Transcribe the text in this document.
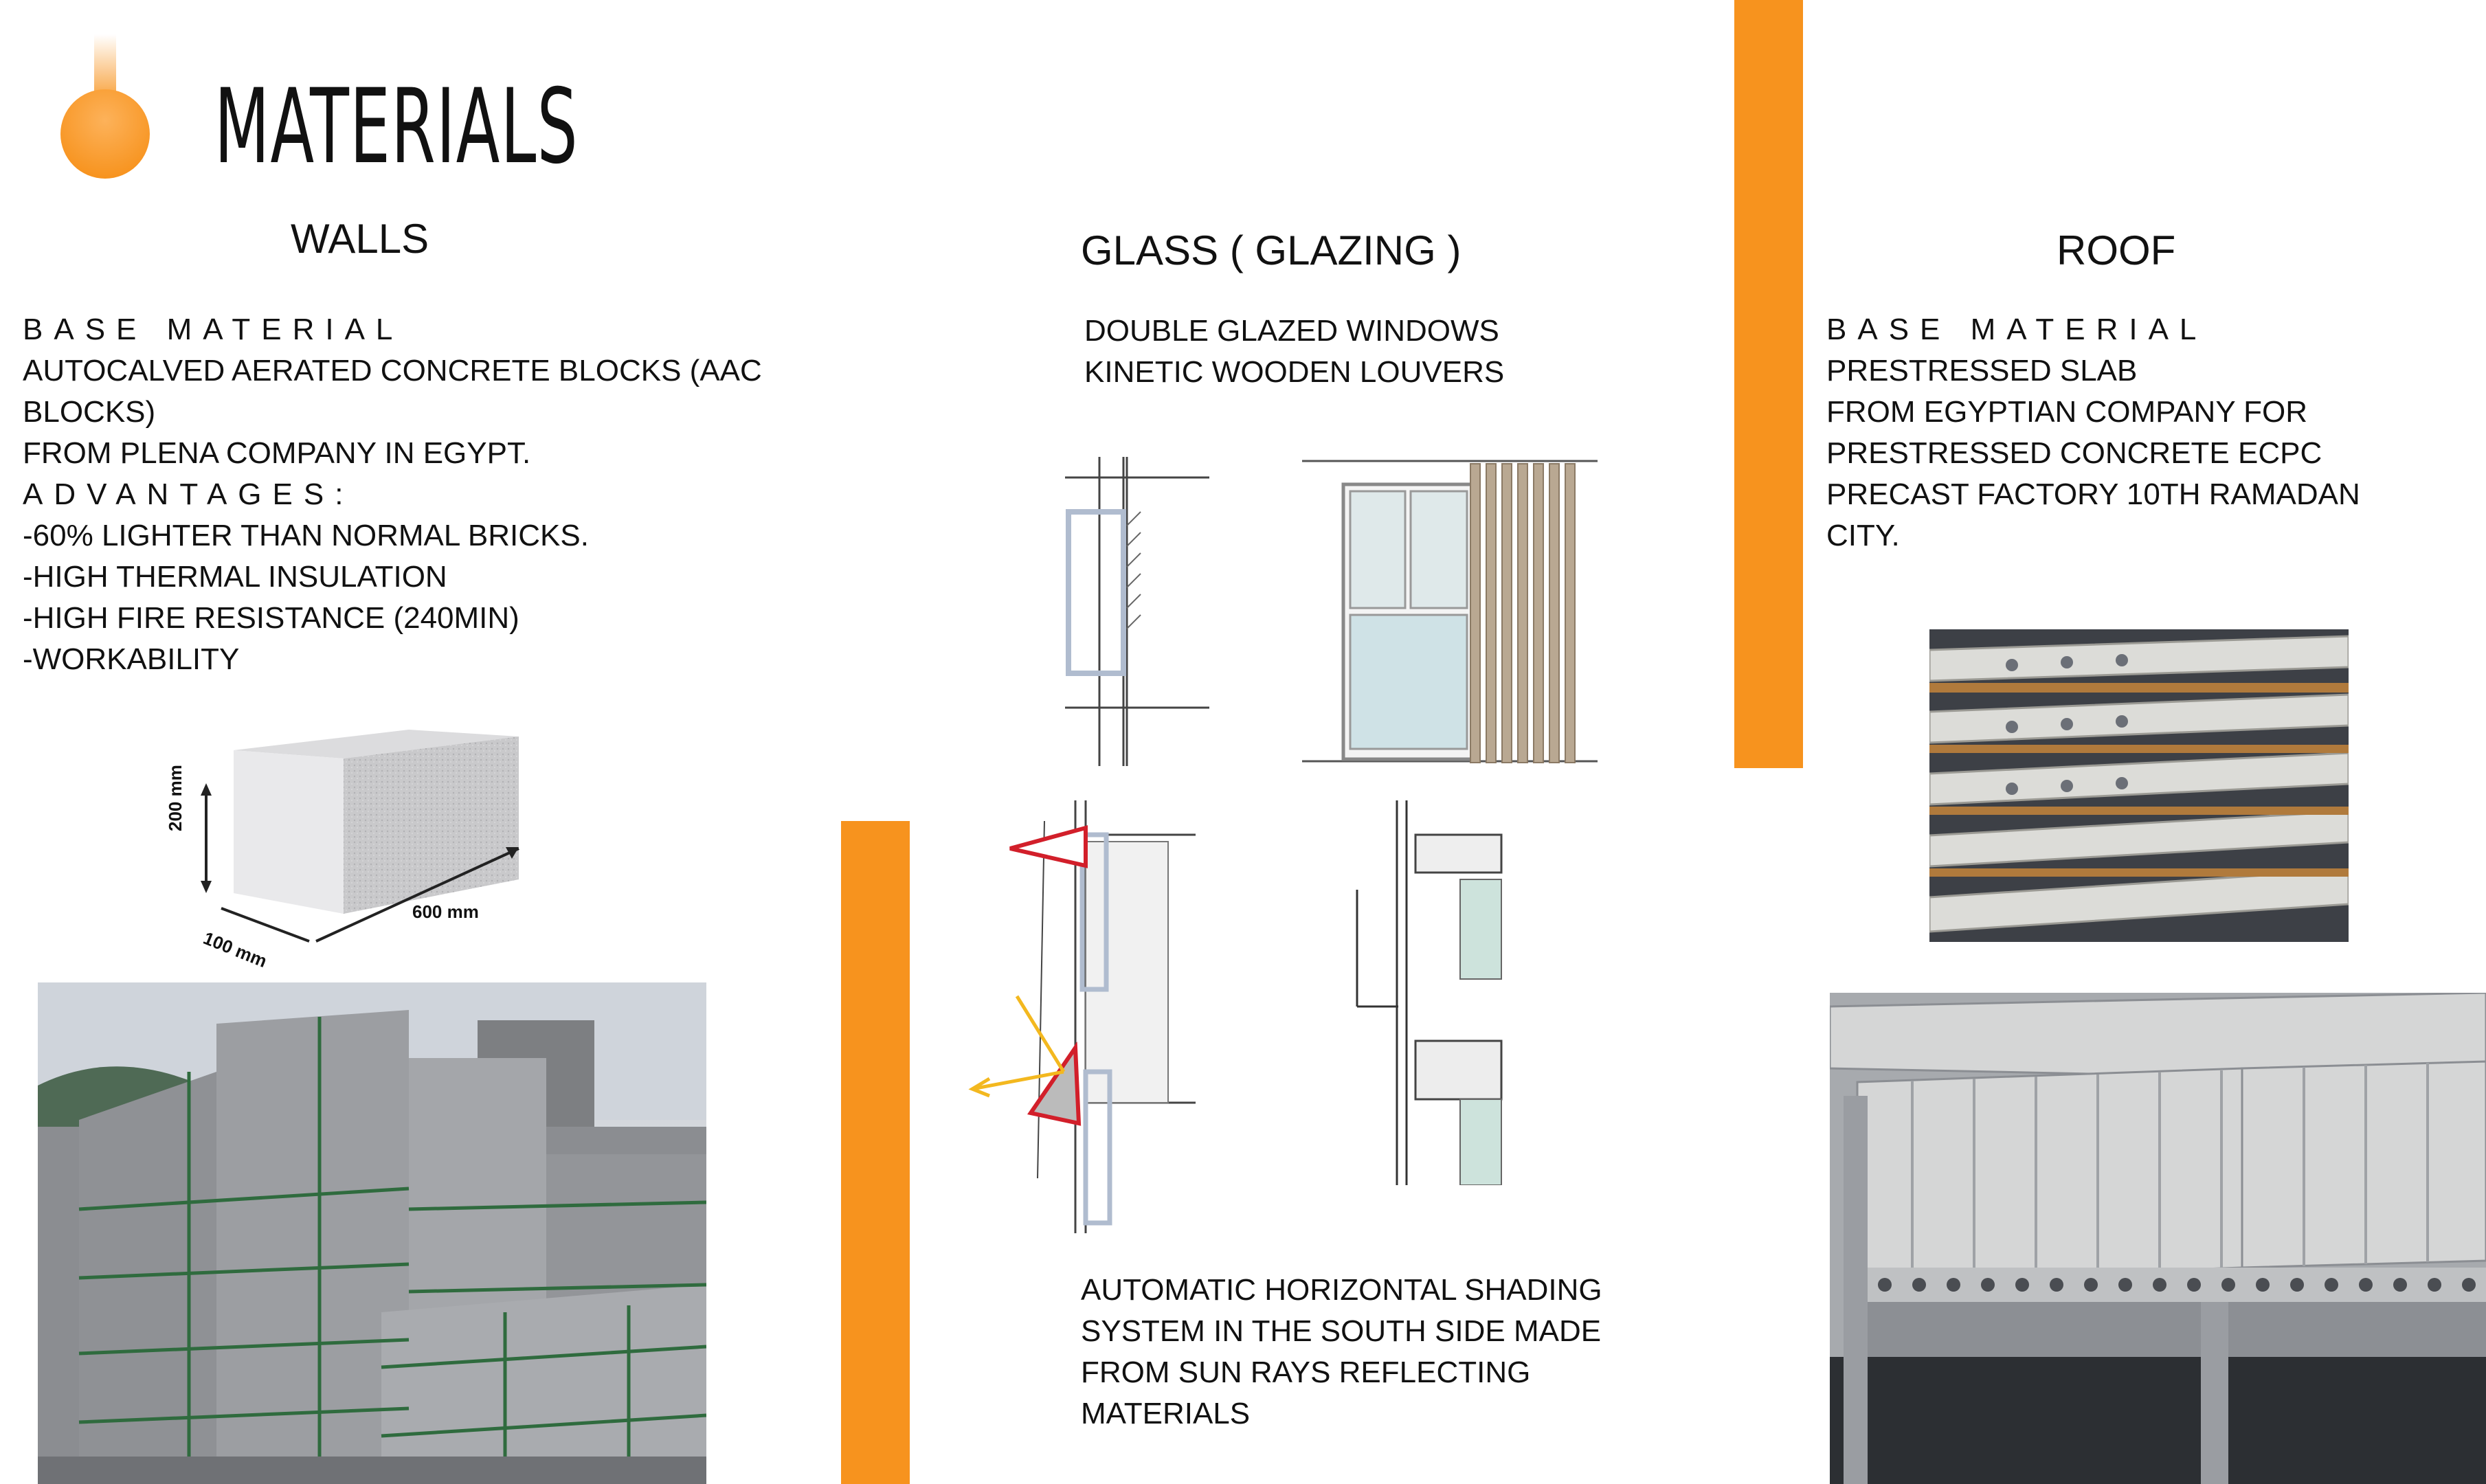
MATERIALS
WALLS
BASE MATERIAL
AUTOCALVED AERATED CONCRETE BLOCKS (AAC
BLOCKS)
FROM PLENA COMPANY IN EGYPT.
ADVANTAGES:
-60% LIGHTER THAN NORMAL BRICKS.
-HIGH THERMAL INSULATION
-HIGH FIRE RESISTANCE (240MIN)
-WORKABILITY
200 mm
100 mm
600 mm
GLASS ( GLAZING )
DOUBLE GLAZED WINDOWS
KINETIC WOODEN LOUVERS
AUTOMATIC HORIZONTAL SHADING
SYSTEM IN THE SOUTH SIDE MADE
FROM SUN RAYS REFLECTING
MATERIALS
ROOF
BASE MATERIAL
PRESTRESSED SLAB
FROM EGYPTIAN COMPANY FOR
PRESTRESSED CONCRETE ECPC
PRECAST FACTORY 10TH RAMADAN
CITY.
